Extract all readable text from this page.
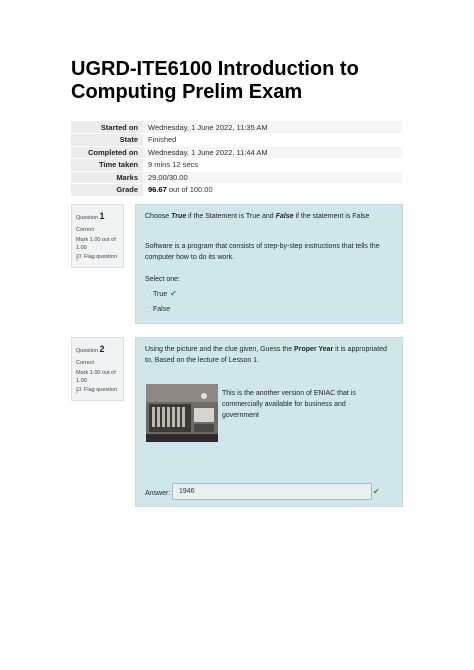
UGRD-ITE6100 Introduction to Computing Prelim Exam
Started on	Wednesday, 1 June 2022, 11:35 AM
State	Finished
Completed on	Wednesday, 1 June 2022, 11:44 AM
Time taken	9 mins 12 secs
Marks	29.00/30.00
Grade	96.67 out of 100.00
Question 1
Correct
Mark 1.00 out of 1.00
Flag question
Choose True if the Statement is True and False if the statement is False
Software is a program that consists of step-by-step instructions that tells the computer how to do its work.
Select one:
True ✔
False
Question 2
Correct
Mark 1.00 out of 1.00
Flag question
Using the picture and the clue given, Guess the Proper Year it is appropriated to, Based on the lecture of Lesson 1.
This is the another version of ENIAC that is commercially available for business and government
Answer:	1946	✔
